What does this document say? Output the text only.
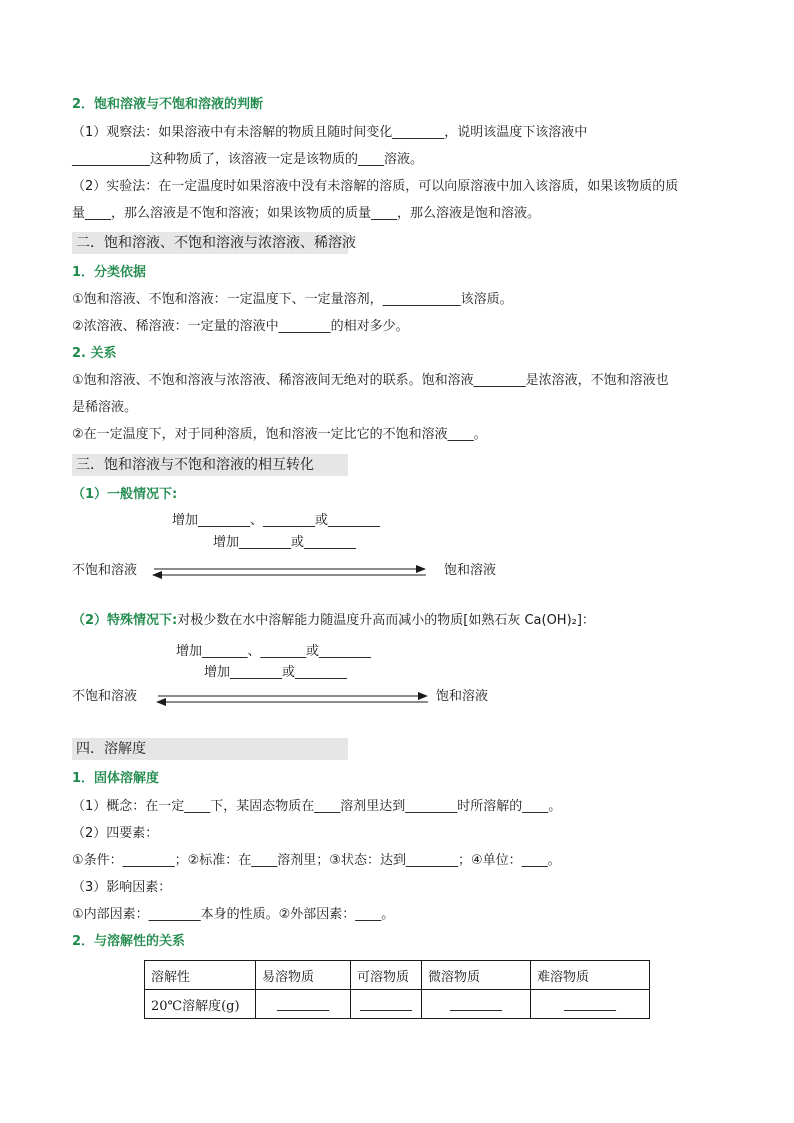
2．饱和溶液与不饱和溶液的判断
（1）观察法：如果溶液中有未溶解的物质且随时间变化________，说明该温度下该溶液中
____________这种物质了，该溶液一定是该物质的____溶液。
（2）实验法：在一定温度时如果溶液中没有未溶解的溶质，可以向原溶液中加入该溶质，如果该物质的质
量____，那么溶液是不饱和溶液；如果该物质的质量____，那么溶液是饱和溶液。
二．饱和溶液、不饱和溶液与浓溶液、稀溶液
1．分类依据
①饱和溶液、不饱和溶液：一定温度下、一定量溶剂，____________该溶质。
②浓溶液、稀溶液：一定量的溶液中________的相对多少。
2. 关系
①饱和溶液、不饱和溶液与浓溶液、稀溶液间无绝对的联系。饱和溶液________是浓溶液，不饱和溶液也
是稀溶液。
②在一定温度下，对于同种溶质，饱和溶液一定比它的不饱和溶液____。
三．饱和溶液与不饱和溶液的相互转化
（1）一般情况下:
增加________、________或________
增加________或________
不饱和溶液	饱和溶液
（2）特殊情况下:对极少数在水中溶解能力随温度升高而减小的物质[如熟石灰 Ca(OH)₂]：
增加_______、_______或________
增加________或________
不饱和溶液	饱和溶液
四．溶解度
1．固体溶解度
（1）概念：在一定____下，某固态物质在____溶剂里达到________时所溶解的____。
（2）四要素：
①条件：________；②标准：在____溶剂里；③状态：达到________；④单位：____。
（3）影响因素：
①内部因素：________本身的性质。②外部因素：____。
2．与溶解性的关系
溶解性	易溶物质	可溶物质	微溶物质	难溶物质
20℃溶解度(g)	________	________	________	________
